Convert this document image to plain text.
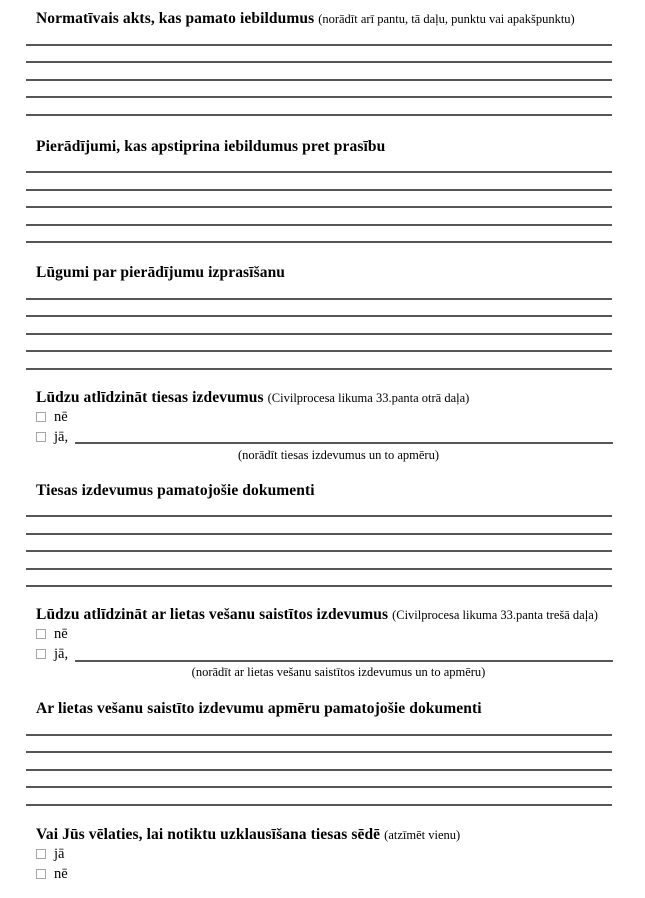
Normatīvais akts, kas pamato iebildumus (norādīt arī pantu, tā daļu, punktu vai apakšpunktu)
Pierādījumi, kas apstiprina iebildumus pret prasību
Lūgumi par pierādījumu izprasīšanu
Lūdzu atlīdzināt tiesas izdevumus (Civilprocesa likuma 33.panta otrā daļa)
nē
jā,
(norādīt tiesas izdevumus un to apmēru)
Tiesas izdevumus pamatojošie dokumenti
Lūdzu atlīdzināt ar lietas vešanu saistītos izdevumus (Civilprocesa likuma 33.panta trešā daļa)
nē
jā,
(norādīt ar lietas vešanu saistītos izdevumus un to apmēru)
Ar lietas vešanu saistīto izdevumu apmēru pamatojošie dokumenti
Vai Jūs vēlaties, lai notiktu uzklausīšana tiesas sēdē (atzīmēt vienu)
jā
nē
